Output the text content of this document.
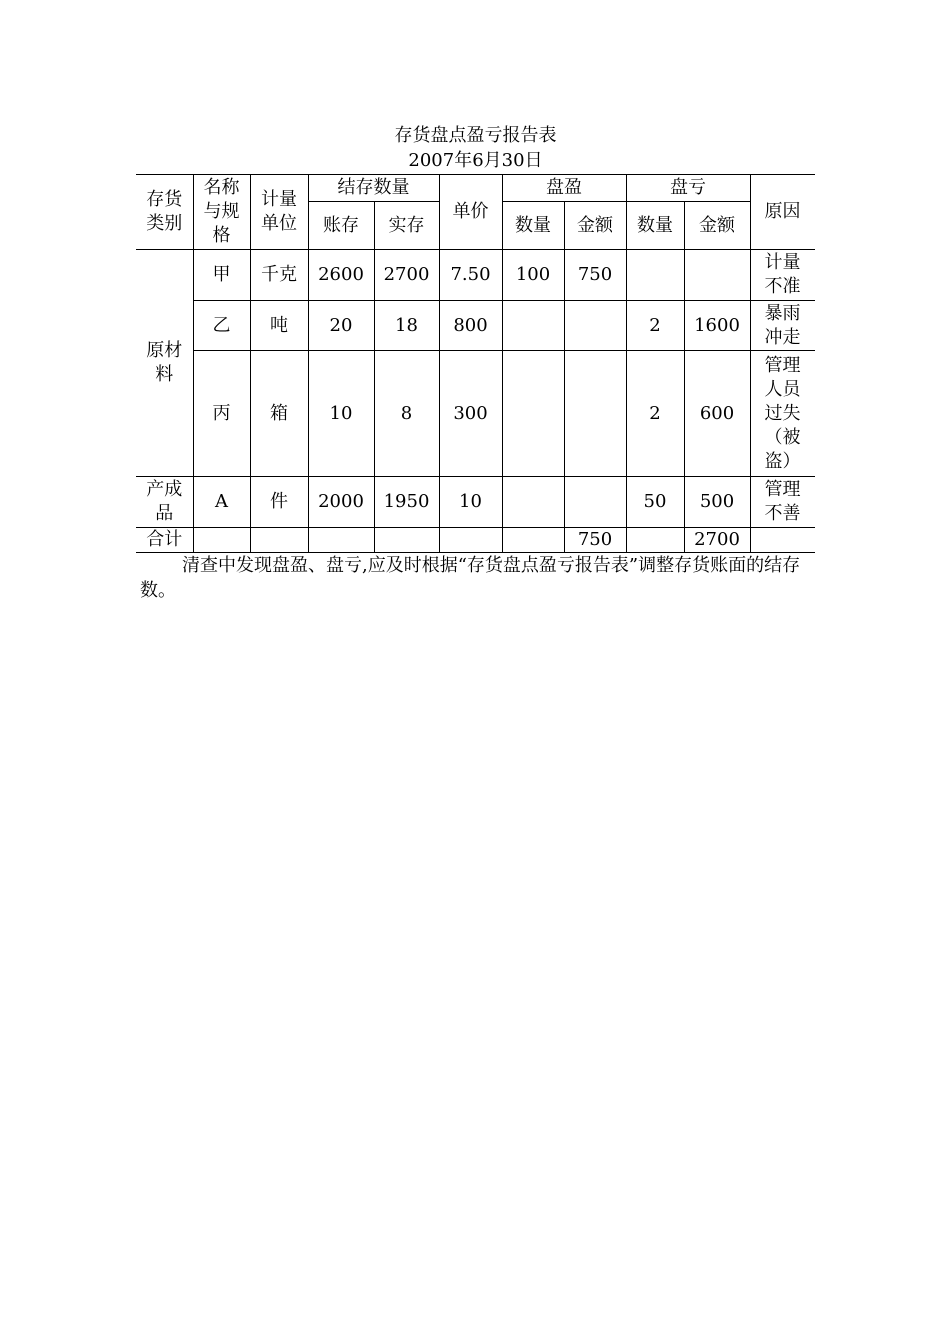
存货盘点盈亏报告表
2007年6月30日
存货类别	名称与规格	计量单位	结存数量		单价	盘盈		盘亏		原因
			账存	实存		数量	金额	数量	金额	
原材料	甲	千克	2600	2700	7.50	100	750			计量不准
	乙	吨	20	18	800			2	1600	暴雨冲走
	丙	箱	10	8	300			2	600	管理人员过失（被盗）
产成品	A	件	2000	1950	10			50	500	管理不善
合计							750		2700	
清查中发现盘盈、盘亏,应及时根据“存货盘点盈亏报告表”调整存货账面的结存数。
